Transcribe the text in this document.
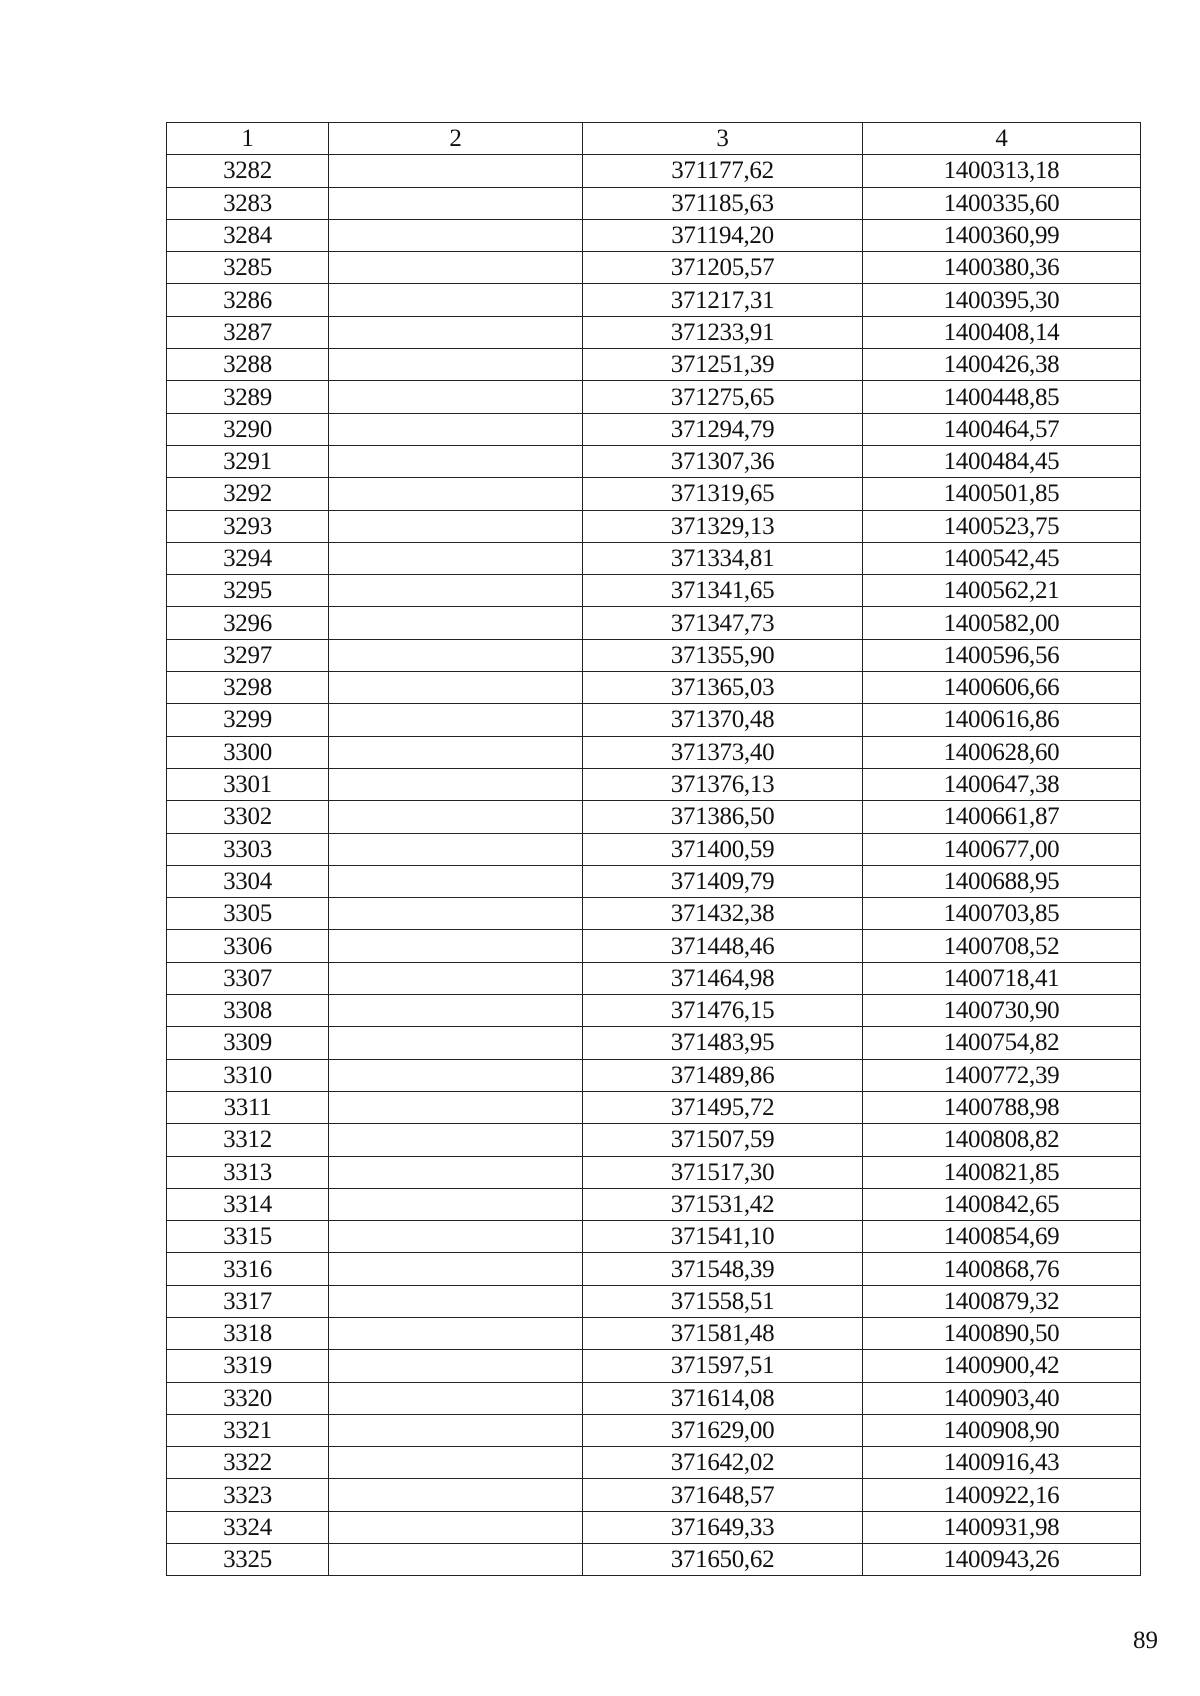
1	2	3	4
3282		371177,62	1400313,18
3283		371185,63	1400335,60
3284		371194,20	1400360,99
3285		371205,57	1400380,36
3286		371217,31	1400395,30
3287		371233,91	1400408,14
3288		371251,39	1400426,38
3289		371275,65	1400448,85
3290		371294,79	1400464,57
3291		371307,36	1400484,45
3292		371319,65	1400501,85
3293		371329,13	1400523,75
3294		371334,81	1400542,45
3295		371341,65	1400562,21
3296		371347,73	1400582,00
3297		371355,90	1400596,56
3298		371365,03	1400606,66
3299		371370,48	1400616,86
3300		371373,40	1400628,60
3301		371376,13	1400647,38
3302		371386,50	1400661,87
3303		371400,59	1400677,00
3304		371409,79	1400688,95
3305		371432,38	1400703,85
3306		371448,46	1400708,52
3307		371464,98	1400718,41
3308		371476,15	1400730,90
3309		371483,95	1400754,82
3310		371489,86	1400772,39
3311		371495,72	1400788,98
3312		371507,59	1400808,82
3313		371517,30	1400821,85
3314		371531,42	1400842,65
3315		371541,10	1400854,69
3316		371548,39	1400868,76
3317		371558,51	1400879,32
3318		371581,48	1400890,50
3319		371597,51	1400900,42
3320		371614,08	1400903,40
3321		371629,00	1400908,90
3322		371642,02	1400916,43
3323		371648,57	1400922,16
3324		371649,33	1400931,98
3325		371650,62	1400943,26
89
